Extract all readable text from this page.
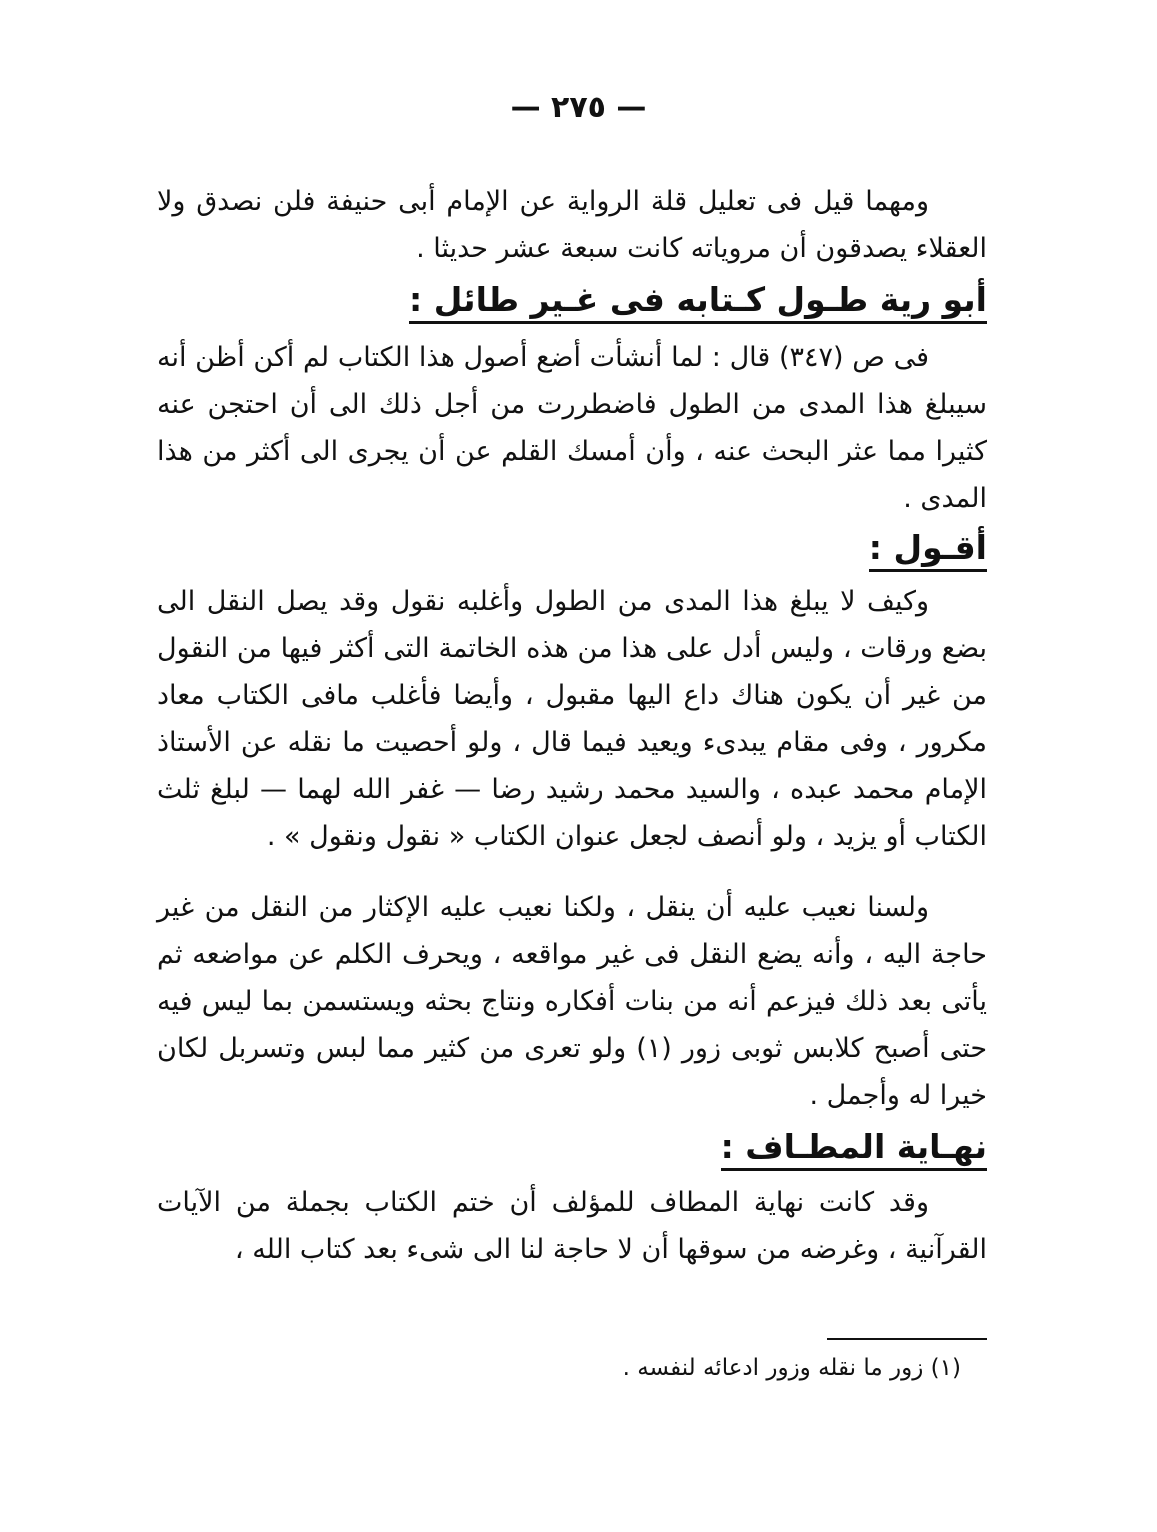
— ٢٧٥ —

ومهما قيل فى تعليل قلة الرواية عن الإمام أبى حنيفة فلن نصدق ولا العقلاء يصدقون أن مروياته كانت سبعة عشر حديثا .

أبو رية طـول كـتابه فى غـير طائل :

فى ص (٣٤٧) قال : لما أنشأت أضع أصول هذا الكتاب لم أكن أظن أنه سيبلغ هذا المدى من الطول فاضطررت من أجل ذلك الى أن احتجن عنه كثيرا مما عثر البحث عنه ، وأن أمسك القلم عن أن يجرى الى أكثر من هذا المدى .

أقـول :

وكيف لا يبلغ هذا المدى من الطول وأغلبه نقول وقد يصل النقل الى بضع ورقات ، وليس أدل على هذا من هذه الخاتمة التى أكثر فيها من النقول من غير أن يكون هناك داع اليها مقبول ، وأيضا فأغلب مافى الكتاب معاد مكرور ، وفى مقام يبدىء ويعيد فيما قال ، ولو أحصيت ما نقله عن الأستاذ الإمام محمد عبده ، والسيد محمد رشيد رضا — غفر الله لهما — لبلغ ثلث الكتاب أو يزيد ، ولو أنصف لجعل عنوان الكتاب « نقول ونقول » .

ولسنا نعيب عليه أن ينقل ، ولكنا نعيب عليه الإكثار من النقل من غير حاجة اليه ، وأنه يضع النقل فى غير مواقعه ، ويحرف الكلم عن مواضعه ثم يأتى بعد ذلك فيزعم أنه من بنات أفكاره ونتاج بحثه ويستسمن بما ليس فيه حتى أصبح كلابس ثوبى زور (١) ولو تعرى من كثير مما لبس وتسربل لكان خيرا له وأجمل .

نهـاية المطـاف :

وقد كانت نهاية المطاف للمؤلف أن ختم الكتاب بجملة من الآيات القرآنية ، وغرضه من سوقها أن لا حاجة لنا الى شىء بعد كتاب الله ،

(١) زور ما نقله وزور ادعائه لنفسه .
